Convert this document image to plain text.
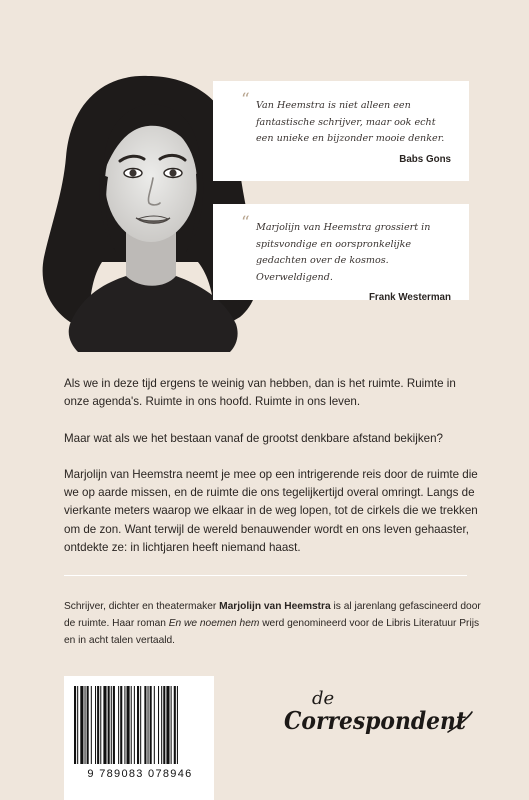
“ Van Heemstra is niet alleen een fantastische schrijver, maar ook echt een unieke en bijzonder mooie denker.
Babs Gons
“ Marjolijn van Heemstra grossiert in spitsvondige en oorspronkelijke gedachten over de kosmos. Overweldigend.
Frank Westerman

Als we in deze tijd ergens te weinig van hebben, dan is het ruimte. Ruimte in onze agenda's. Ruimte in ons hoofd. Ruimte in ons leven.

Maar wat als we het bestaan vanaf de grootst denkbare afstand bekijken?

Marjolijn van Heemstra neemt je mee op een intrigerende reis door de ruimte die we op aarde missen, en de ruimte die ons tegelijkertijd overal omringt. Langs de vierkante meters waarop we elkaar in de weg lopen, tot de cirkels die we trekken om de zon. Want terwijl de wereld benauwender wordt en ons leven gehaaster, ontdekte ze: in lichtjaren heeft niemand haast.

Schrijver, dichter en theatermaker Marjolijn van Heemstra is al jarenlang gefascineerd door de ruimte. Haar roman En we noemen hem werd genomineerd voor de Libris Literatuur Prijs en in acht talen vertaald.

9 789083 078946
de
Correspondent
